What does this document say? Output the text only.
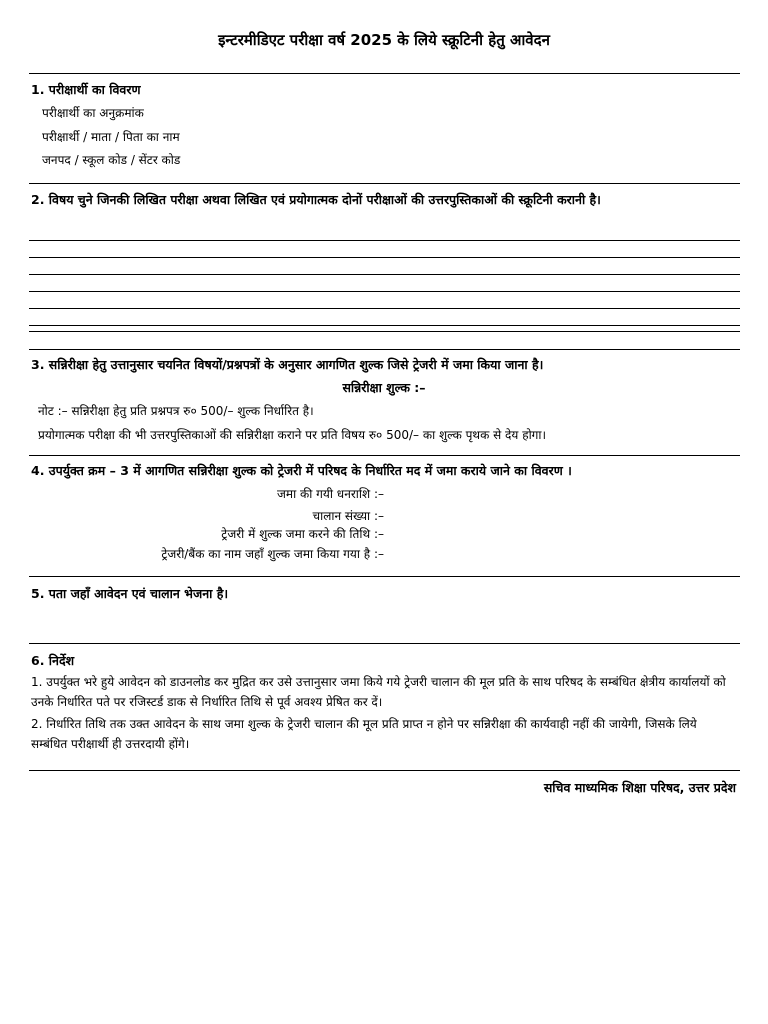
इन्टरमीडिएट परीक्षा वर्ष 2025 के लिये स्क्रूटिनी हेतु आवेदन
1. परीक्षार्थी का विवरण
परीक्षार्थी का अनुक्रमांक
परीक्षार्थी / माता / पिता का नाम
जनपद / स्कूल कोड / सेंटर कोड
2. विषय चुने जिनकी लिखित परीक्षा अथवा लिखित एवं प्रयोगात्मक दोनों परीक्षाओं की उत्तरपुस्तिकाओं की स्क्रूटिनी करानी है।
3. सन्निरीक्षा हेतु उत्तानुसार चयनित विषयों/प्रश्नपत्रों के अनुसार आगणित शुल्क जिसे ट्रेजरी में जमा किया जाना है।
सन्निरीक्षा शुल्क :–
नोट :– सन्निरीक्षा हेतु प्रति प्रश्नपत्र रु० 500/– शुल्क निर्धारित है।
प्रयोगात्मक परीक्षा की भी उत्तरपुस्तिकाओं की सन्निरीक्षा कराने पर प्रति विषय रु० 500/– का शुल्क पृथक से देय होगा।
4. उपर्युक्त क्रम – 3 में आगणित सन्निरीक्षा शुल्क को ट्रेजरी में परिषद के निर्धारित मद में जमा कराये जाने का विवरण ।
जमा की गयी धनराशि :–
चालान संख्या :–
ट्रेजरी में शुल्क जमा करने की तिथि :–
ट्रेजरी/बैंक का नाम जहाँ शुल्क जमा किया गया है :–
5. पता जहाँ आवेदन एवं चालान भेजना है।
6. निर्देश
1. उपर्युक्त भरे हुये आवेदन को डाउनलोड कर मुद्रित कर उसे उत्तानुसार जमा किये गये ट्रेजरी चालान की मूल प्रति के साथ परिषद के सम्बंधित क्षेत्रीय कार्यालयों को उनके निर्धारित पते पर रजिस्टर्ड डाक से निर्धारित तिथि से पूर्व अवश्य प्रेषित कर दें।
2. निर्धारित तिथि तक उक्त आवेदन के साथ जमा शुल्क के ट्रेजरी चालान की मूल प्रति प्राप्त न होने पर सन्निरीक्षा की कार्यवाही नहीं की जायेगी, जिसके लिये सम्बंधित परीक्षार्थी ही उत्तरदायी होंगे।
सचिव माध्यमिक शिक्षा परिषद, उत्तर प्रदेश
